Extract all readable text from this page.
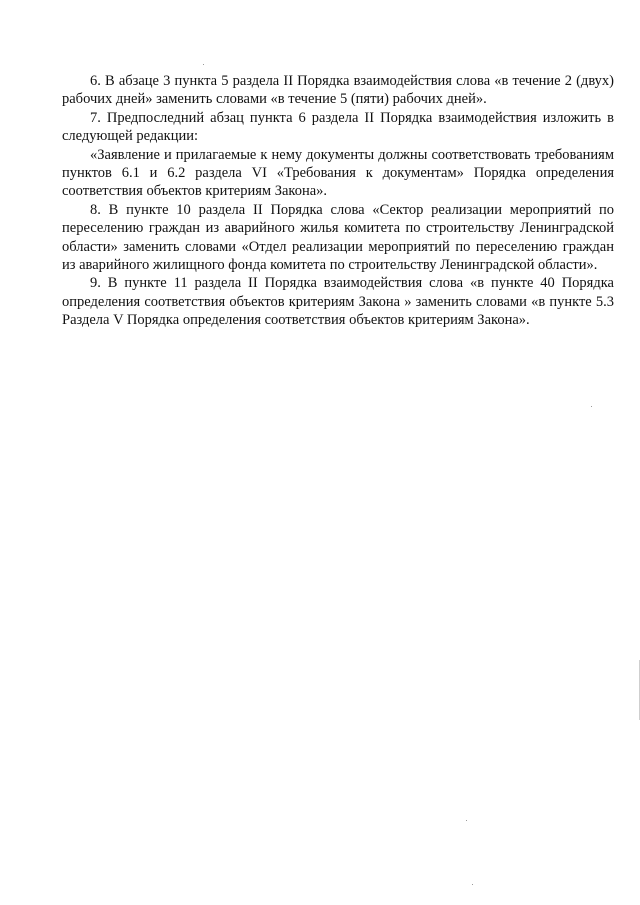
6. В абзаце 3 пункта 5 раздела II Порядка взаимодействия слова «в течение 2 (двух) рабочих дней» заменить словами «в течение 5 (пяти) рабочих дней».

7. Предпоследний абзац пункта 6 раздела II Порядка взаимодействия изложить в следующей редакции:

«Заявление и прилагаемые к нему документы должны соответствовать требованиям пунктов 6.1 и 6.2 раздела VI «Требования к документам» Порядка определения соответствия объектов критериям Закона».

8. В пункте 10 раздела II Порядка слова «Сектор реализации мероприятий по переселению граждан из аварийного жилья комитета по строительству Ленинградской области» заменить словами «Отдел реализации мероприятий по переселению граждан из аварийного жилищного фонда комитета по строительству Ленинградской области».

9. В пункте 11 раздела II Порядка взаимодействия слова «в пункте 40 Порядка определения соответствия объектов критериям Закона » заменить словами «в пункте 5.3 Раздела V Порядка определения соответствия объектов критериям Закона».
